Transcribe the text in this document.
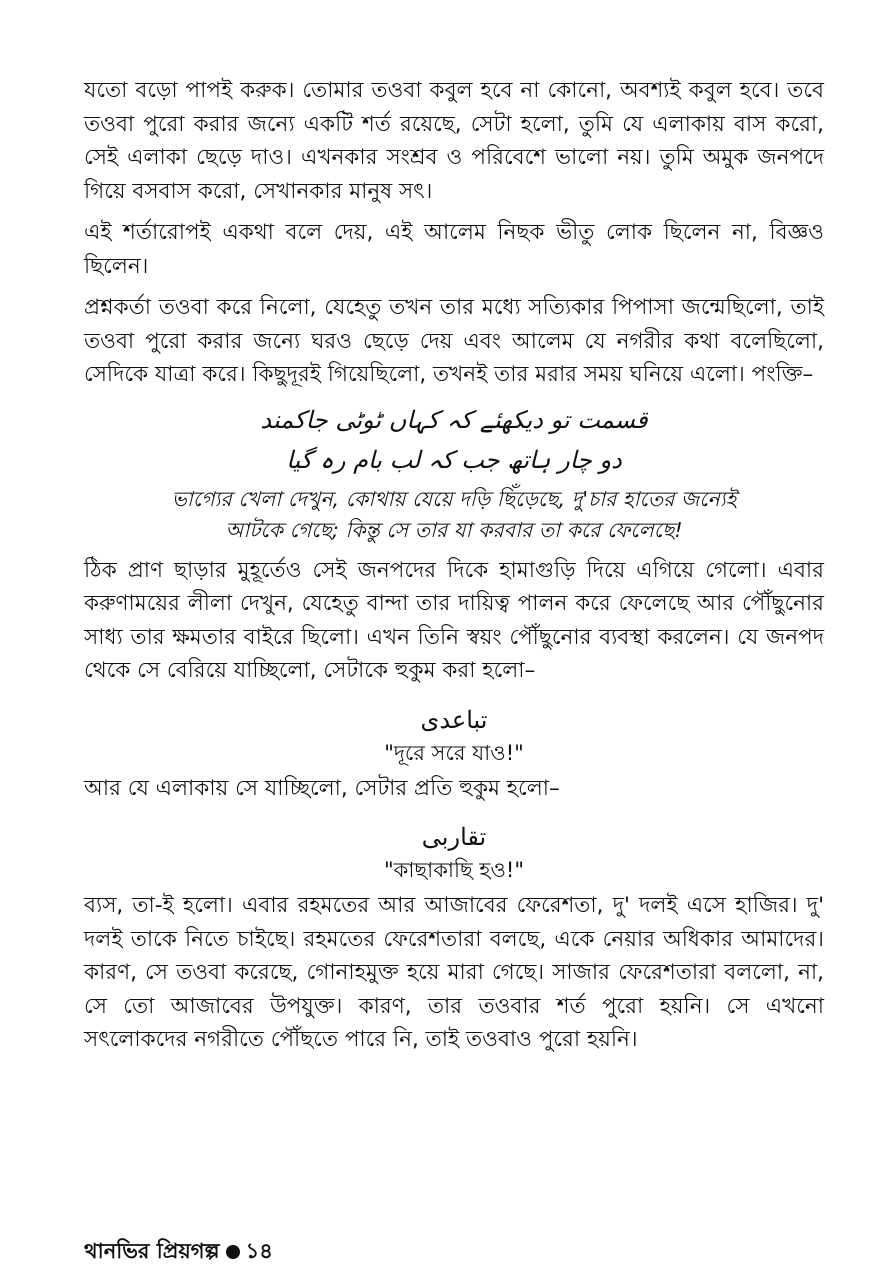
যতো বড়ো পাপই করুক। তোমার তওবা কবুল হবে না কোনো, অবশ্যই কবুল হবে। তবে তওবা পুরো করার জন্যে একটি শর্ত রয়েছে, সেটা হলো, তুমি যে এলাকায় বাস করো, সেই এলাকা ছেড়ে দাও। এখনকার সংশ্রব ও পরিবেশে ভালো নয়। তুমি অমুক জনপদে গিয়ে বসবাস করো, সেখানকার মানুষ সৎ।

এই শর্তারোপই একথা বলে দেয়, এই আলেম নিছক ভীতু লোক ছিলেন না, বিজ্ঞও ছিলেন।

প্রশ্নকর্তা তওবা করে নিলো, যেহেতু তখন তার মধ্যে সত্যিকার পিপাসা জন্মেছিলো, তাই তওবা পুরো করার জন্যে ঘরও ছেড়ে দেয় এবং আলেম যে নগরীর কথা বলেছিলো, সেদিকে যাত্রা করে। কিছুদূরই গিয়েছিলো, তখনই তার মরার সময় ঘনিয়ে এলো। পংক্তি–

قسمت تو دیکھئے کہ کہاں ٹوٹی جاکمند

دو چار ہاتھ جب کہ لب بام رہ گیا

ভাগ্যের খেলা দেখুন, কোথায় যেয়ে দড়ি ছিঁড়েছে, দু'চার হাতের জন্যেই

আটকে গেছে; কিন্তু সে তার যা করবার তা করে ফেলেছে!

ঠিক প্রাণ ছাড়ার মুহূর্তেও সেই জনপদের দিকে হামাগুড়ি দিয়ে এগিয়ে গেলো। এবার করুণাময়ের লীলা দেখুন, যেহেতু বান্দা তার দায়িত্ব পালন করে ফেলেছে আর পৌঁছুনোর সাধ্য তার ক্ষমতার বাইরে ছিলো। এখন তিনি স্বয়ং পৌঁছুনোর ব্যবস্থা করলেন। যে জনপদ থেকে সে বেরিয়ে যাচ্ছিলো, সেটাকে হুকুম করা হলো–

تباعدی

"দূরে সরে যাও!"

আর যে এলাকায় সে যাচ্ছিলো, সেটার প্রতি হুকুম হলো–

تقاربی

"কাছাকাছি হও!"

ব্যস, তা-ই হলো। এবার রহমতের আর আজাবের ফেরেশতা, দু' দলই এসে হাজির। দু' দলই তাকে নিতে চাইছে। রহমতের ফেরেশতারা বলছে, একে নেয়ার অধিকার আমাদের। কারণ, সে তওবা করেছে, গোনাহমুক্ত হয়ে মারা গেছে। সাজার ফেরেশতারা বললো, না, সে তো আজাবের উপযুক্ত। কারণ, তার তওবার শর্ত পুরো হয়নি। সে এখনো সৎলোকদের নগরীতে পৌঁছতে পারে নি, তাই তওবাও পুরো হয়নি।

থানভির প্রিয়গল্প ১৪
